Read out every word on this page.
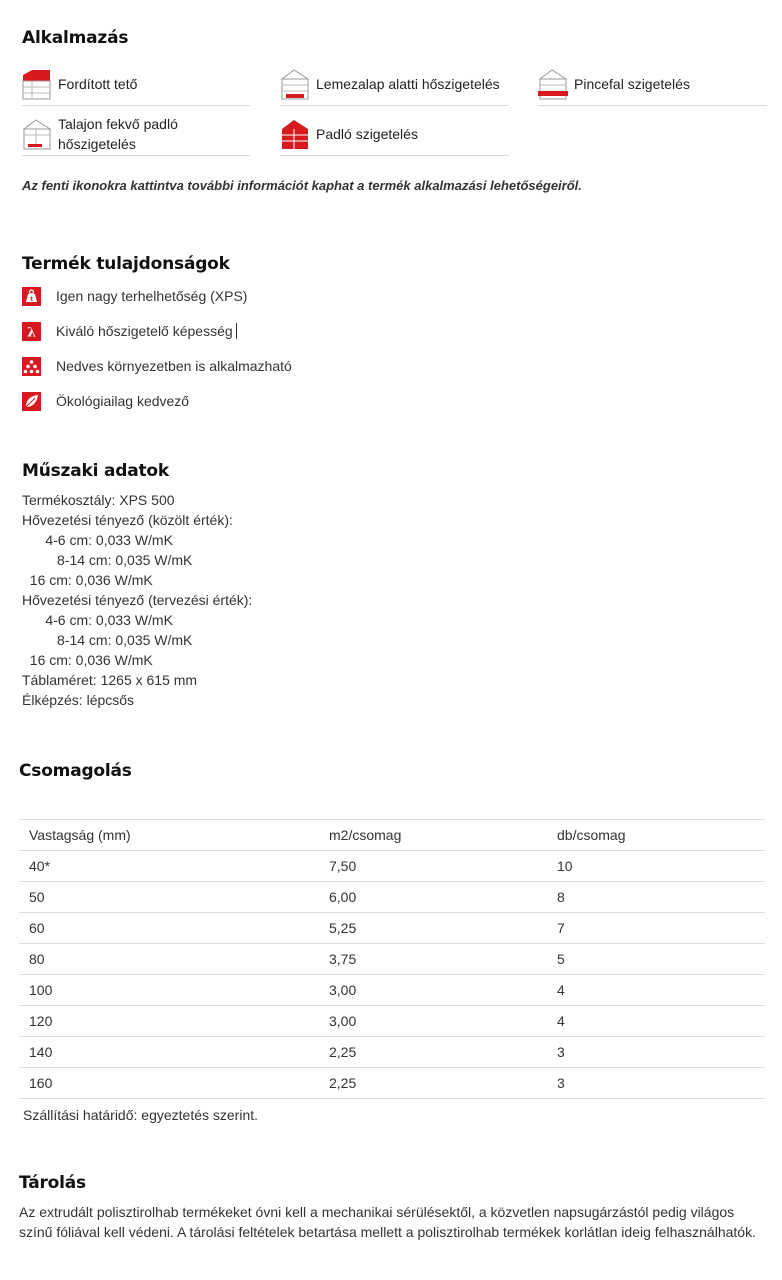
Alkalmazás
Fordított tető	Lemezalap alatti hőszigetelés	Pincefal szigetelés
Talajon fekvő padló hőszigetelés
Padló szigetelés
Az fenti ikonokra kattintva további információt kaphat a termék alkalmazási lehetőségeiről.
Termék tulajdonságok
t Igen nagy terhelhetőség (XPS)
λ Kiváló hőszigetelő képesség
Nedves környezetben is alkalmazható
Ökológiailag kedvező
Műszaki adatok
Termékosztály: XPS 500
Hővezetési tényező (közölt érték):
4-6 cm: 0,033 W/mK
8-14 cm: 0,035 W/mK
16 cm: 0,036 W/mK
Hővezetési tényező (tervezési érték):
4-6 cm: 0,033 W/mK
8-14 cm: 0,035 W/mK
16 cm: 0,036 W/mK
Táblaméret: 1265 x 615 mm
Élképzés: lépcsős
Csomagolás
Vastagság (mm)	m2/csomag	db/csomag
40*	7,50	10
50	6,00	8
60	5,25	7
80	3,75	5
100	3,00	4
120	3,00	4
140	2,25	3
160	2,25	3
Szállítási határidő: egyeztetés szerint.
Tárolás
Az extrudált polisztirolhab termékeket óvni kell a mechanikai sérülésektől, a közvetlen napsugárzástól pedig világos színű fóliával kell védeni. A tárolási feltételek betartása mellett a polisztirolhab termékek korlátlan ideig felhasználhatók.
